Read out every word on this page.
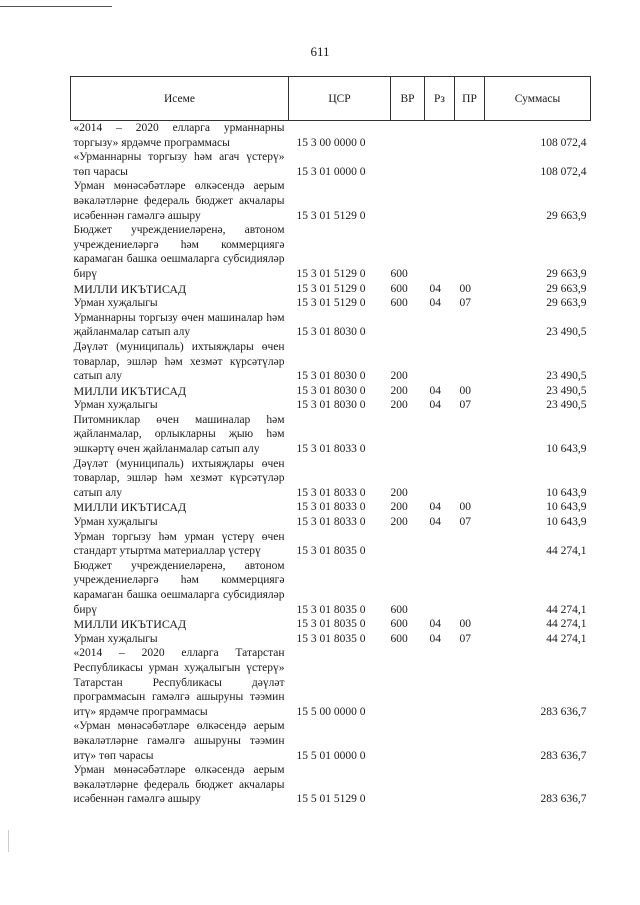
611
Исеме	ЦСР	ВР	Рз	ПР	Суммасы
«2014 – 2020 елларга урманнарны торгызу» ярдәмче программасы	15 3 00 0000 0				108 072,4
«Урманнарны торгызу һәм агач үстерү» төп чарасы	15 3 01 0000 0				108 072,4
Урман мөнәсәбәтләре өлкәсендә аерым вәкаләтләрне федераль бюджет акчалары исәбеннән гамәлгә ашыру	15 3 01 5129 0				29 663,9
Бюджет учреждениеләренә, автоном учреждениеләргә һәм коммерциягә карамаган башка оешмаларга субсидияләр бирү	15 3 01 5129 0	600			29 663,9
МИЛЛИ ИКЪТИСАД	15 3 01 5129 0	600	04	00	29 663,9
Урман хуҗалыгы	15 3 01 5129 0	600	04	07	29 663,9
Урманнарны торгызу өчен машиналар һәм җайланмалар сатып алу	15 3 01 8030 0				23 490,5
Дәүләт (муниципаль) ихтыяҗлары өчен товарлар, эшләр һәм хезмәт күрсәтүләр сатып алу	15 3 01 8030 0	200			23 490,5
МИЛЛИ ИКЪТИСАД	15 3 01 8030 0	200	04	00	23 490,5
Урман хуҗалыгы	15 3 01 8030 0	200	04	07	23 490,5
Питомниклар өчен машиналар һәм җайланмалар, орлыкларны җыю һәм эшкәртү өчен җайланмалар сатып алу	15 3 01 8033 0				10 643,9
Дәүләт (муниципаль) ихтыяҗлары өчен товарлар, эшләр һәм хезмәт күрсәтүләр сатып алу	15 3 01 8033 0	200			10 643,9
МИЛЛИ ИКЪТИСАД	15 3 01 8033 0	200	04	00	10 643,9
Урман хуҗалыгы	15 3 01 8033 0	200	04	07	10 643,9
Урман торгызу һәм урман үстерү өчен стандарт утыртма материаллар үстерү	15 3 01 8035 0				44 274,1
Бюджет учреждениеләренә, автоном учреждениеләргә һәм коммерциягә карамаган башка оешмаларга субсидияләр бирү	15 3 01 8035 0	600			44 274,1
МИЛЛИ ИКЪТИСАД	15 3 01 8035 0	600	04	00	44 274,1
Урман хуҗалыгы	15 3 01 8035 0	600	04	07	44 274,1
«2014 – 2020 елларга Татарстан Республикасы урман хуҗалыгын үстерү» Татарстан Республикасы дәүләт программасын гамәлгә ашыруны тәэмин итү» ярдәмче программасы	15 5 00 0000 0				283 636,7
«Урман мөнәсәбәтләре өлкәсендә аерым вәкаләтләрне гамәлгә ашыруны тәэмин итү» төп чарасы	15 5 01 0000 0				283 636,7
Урман мөнәсәбәтләре өлкәсендә аерым вәкаләтләрне федераль бюджет акчалары исәбеннән гамәлгә ашыру	15 5 01 5129 0				283 636,7
